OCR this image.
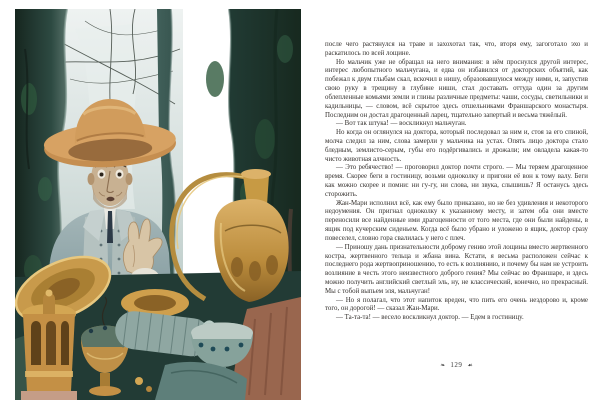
после чего растянулся на траве и захохотал так, что, вторя ему, загоготало эхо и раскатилось по всей лощине.

Но мальчик уже не обращал на него внимания: в нём проснулся другой интерес, интерес любопытного мальчугана, и едва он избавился от докторских объятий, как побежал к двум глыбам скал, вскочил в нишу, образовавшуюся между ними, и, запустив свою руку в трещину в глубине ниши, стал доставать оттуда один за другим облепленные комьями земли и глины различные предметы: чаши, сосуды, светильники и кадильницы, — словом, всё скрытое здесь отшельниками Франшарского монастыря. Последним он достал драгоценный ларец, тщательно запертый и весьма тяжёлый.

— Вот так штука! — воскликнул мальчуган.

Но когда он оглянулся на доктора, который последовал за ним и, стоя за его спиной, молча следил за ним, слова замерли у мальчика на устах. Опять лицо доктора стало бледным, землисто-серым, губы его подёргивались и дрожали; им овладела какая-то чисто животная алчность.

— Это ребячество! — проговорил доктор почти строго. — Мы теряем драгоценное время. Скорее беги в гостиницу, возьми одноколку и пригони её вон к тому валу. Беги как можно скорее и помни: ни гу-гу, ни слова, ни звука, слышишь? Я останусь здесь сторожить.

Жан-Мари исполнил всё, как ему было приказано, но не без удивления и некоторого недоумения. Он пригнал одноколку к указанному месту, и затем оба они вместе переносили все найденные ими драгоценности от того места, где они были найдены, в ящик под кучерским сиденьем. Когда всё было убрано и уложено в ящик, доктор сразу повеселел, словно гора свалилась у него с плеч.

— Приношу дань признательности доброму гению этой лощины вместо жертвенного костра, жертвенного тельца и жбана вина. Кстати, я весьма расположен сейчас к последнего рода жертвоприношению, то есть к возлиянию, и почему бы нам не устроить возлияние в честь этого неизвестного доброго гения? Мы сейчас во Франшаре, и здесь можно получить английский светлый эль, ну, не классический, конечно, но прекрасный. Мы с тобой выпьем эля, мальчуган!

— Но я полагал, что этот напиток вреден, что пить его очень нездорово и, кроме того, он дорогой! — сказал Жан-Мари.

— Та-та-та! — весело воскликнул доктор. — Едем в гостиницу.

❧ 129 ☙
